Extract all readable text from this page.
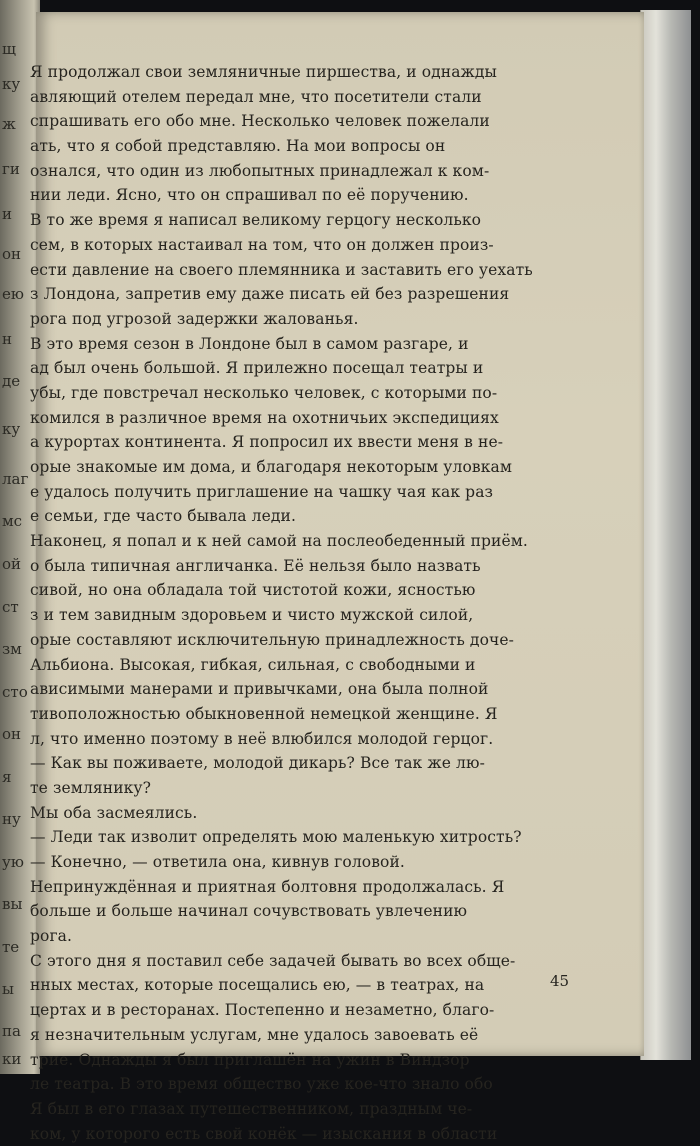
щ
ж
ги
и
он
н
де
ку
лаг
мс
ой
ст
зм
сто
он
я
ну
ую
вы
те
ы
па
ею
ку
ки
Я продолжал свои земляничные пиршества, и однажды
авляющий отелем передал мне, что посетители стали
спрашивать его обо мне. Несколько человек пожелали
ать, что я собой представляю. На мои вопросы он
ознался, что один из любопытных принадлежал к ком-
нии леди. Ясно, что он спрашивал по её поручению.
В то же время я написал великому герцогу несколько
сем, в которых настаивал на том, что он должен произ-
ести давление на своего племянника и заставить его уехать
з Лондона, запретив ему даже писать ей без разрешения
рога под угрозой задержки жалованья.
В это время сезон в Лондоне был в самом разгаре, и
ад был очень большой. Я прилежно посещал театры и
убы, где повстречал несколько человек, с которыми по-
комился в различное время на охотничьих экспедициях
а курортах континента. Я попросил их ввести меня в не-
орые знакомые им дома, и благодаря некоторым уловкам
е удалось получить приглашение на чашку чая как раз
е семьи, где часто бывала леди.
Наконец, я попал и к ней самой на послеобеденный приём.
о была типичная англичанка. Её нельзя было назвать
сивой, но она обладала той чистотой кожи, ясностью
з и тем завидным здоровьем и чисто мужской силой,
орые составляют исключительную принадлежность доче-
Альбиона. Высокая, гибкая, сильная, с свободными и
ависимыми манерами и привычками, она была полной
тивоположностью обыкновенной немецкой женщине. Я
л, что именно поэтому в неё влюбился молодой герцог.
— Как вы поживаете, молодой дикарь? Все так же лю-
те землянику?
Мы оба засмеялись.
— Леди так изволит определять мою маленькую хитрость?
— Конечно, — ответила она, кивнув головой.
Непринуждённая и приятная болтовня продолжалась. Я
больше и больше начинал сочувствовать увлечению
рога.
С этого дня я поставил себе задачей бывать во всех обще-
нных местах, которые посещались ею, — в театрах, на
цертах и в ресторанах. Постепенно и незаметно, благо-
я незначительным услугам, мне удалось завоевать её
трие. Однажды я был приглашён на ужин в Виндзор
ле театра. В это время общество уже кое-что знало обо
Я был в его глазах путешественником, праздным че-
ком, у которого есть свой конёк — изыскания в области
45
